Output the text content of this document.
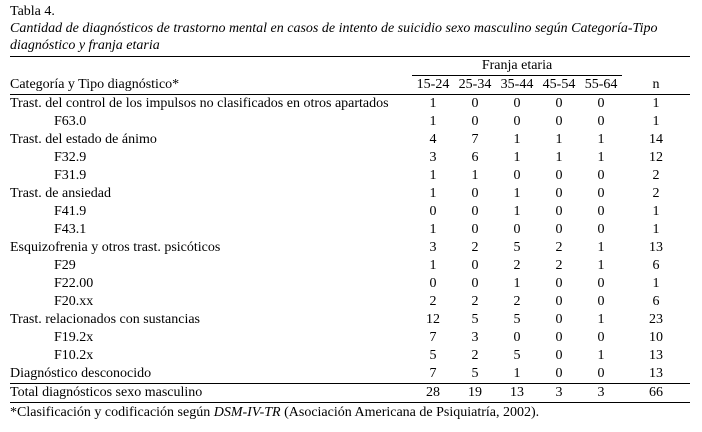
Tabla 4.
Cantidad de diagnósticos de trastorno mental en casos de intento de suicidio sexo masculino según Categoría-Tipo diagnóstico y franja etaria
	Franja etaria					
Categoría y Tipo diagnóstico*	15-24	25-34	35-44	45-54	55-64	n
Trast. del control de los impulsos no clasificados en otros apartados	1	0	0	0	0	1
F63.0	1	0	0	0	0	1
Trast. del estado de ánimo	4	7	1	1	1	14
F32.9	3	6	1	1	1	12
F31.9	1	1	0	0	0	2
Trast. de ansiedad	1	0	1	0	0	2
F41.9	0	0	1	0	0	1
F43.1	1	0	0	0	0	1
Esquizofrenia y otros trast. psicóticos	3	2	5	2	1	13
F29	1	0	2	2	1	6
F22.00	0	0	1	0	0	1
F20.xx	2	2	2	0	0	6
Trast. relacionados con sustancias	12	5	5	0	1	23
F19.2x	7	3	0	0	0	10
F10.2x	5	2	5	0	1	13
Diagnóstico desconocido	7	5	1	0	0	13
Total diagnósticos sexo masculino	28	19	13	3	3	66
*Clasificación y codificación según DSM-IV-TR (Asociación Americana de Psiquiatría, 2002).
